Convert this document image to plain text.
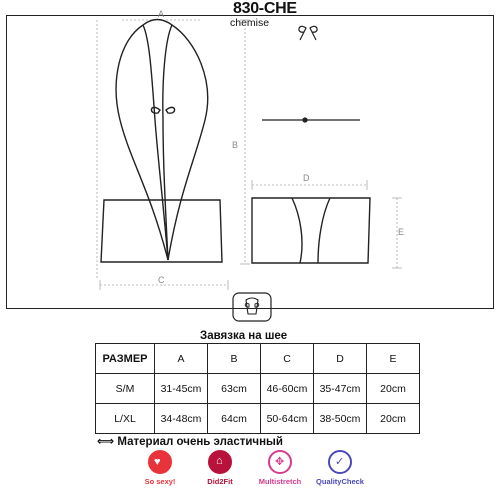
830-CHE
chemise
A
B
C
D
E
Завязка на шее
РАЗМЕР	A	B	C	D	E
S/M	31-45cm	63cm	46-60cm	35-47cm	20cm
L/XL	34-48cm	64cm	50-64cm	38-50cm	20cm
⟺ Материал очень эластичный
♥
So sexy!
⌂
Did2Fit
✥
Multistretch
✓
QualityCheck
